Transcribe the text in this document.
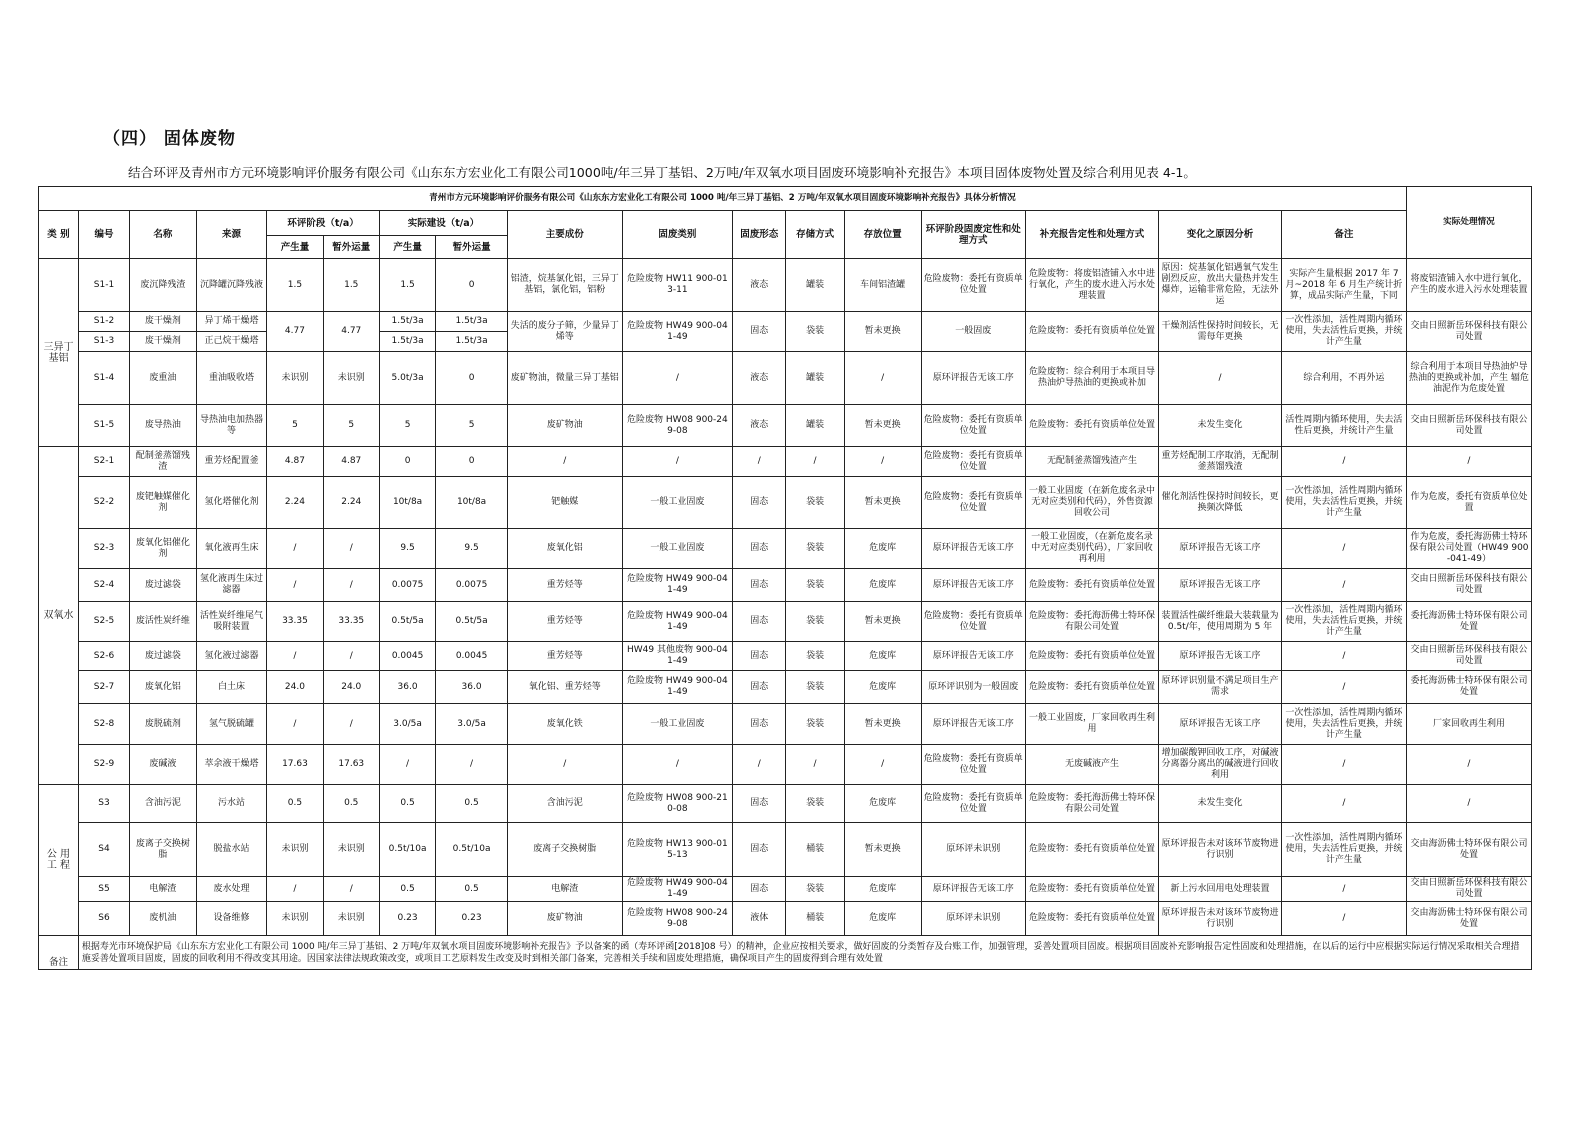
（四） 固体废物
结合环评及青州市方元环境影响评价服务有限公司《山东东方宏业化工有限公司1000吨/年三异丁基铝、2万吨/年双氧水项目固废环境影响补充报告》本项目固体废物处置及综合利用见表 4-1。
青州市方元环境影响评价服务有限公司《山东东方宏业化工有限公司 1000 吨/年三异丁基铝、2 万吨/年双氧水项目固废环境影响补充报告》具体分析情况																	实际处理情况
类 别	编号	名称	来源	环评阶段（t/a）		实际建设（t/a）		主要成份	固废类别	固废形态	存储方式	存放位置	环评阶段固废定性和处理方式	补充报告定性和处理方式	变化之原因分析	备注	
				产生量	暂外运量	产生量	暂外运量										
三异丁基铝	S1-1	废沉降残渣	沉降罐沉降残液	1.5	1.5	1.5	0	铝渣，烷基氯化铝，三异丁基铝，氯化铝，铝粉	危险废物 HW11 900-013-11	液态	罐装	车间铝渣罐	危险废物：委托有资质单位处置	危险废物：将废铝渣铺入水中进行氧化，产生的废水进入污水处理装置	原因：烷基氯化铝遇氧气发生剧烈反应，放出大量热并发生爆炸，运输非常危险，无法外运	实际产生量根据 2017 年 7 月~2018 年 6 月生产统计折算，成品实际产生量，下同	将废铝渣铺入水中进行氧化，产生的废水进入污水处理装置
	S1-2	废干燥剂	异丁烯干燥塔	4.77	4.77	1.5t/3a	1.5t/3a	失活的废分子筛，少量异丁烯等	危险废物 HW49 900-041-49	固态	袋装	暂未更换	一般固废	危险废物：委托有资质单位处置	干燥剂活性保持时间较长，无需每年更换	一次性添加，活性周期内循环使用，失去活性后更换，并统计产生量	交由日照新岳环保科技有限公司处置
	S1-3	废干燥剂	正己烷干燥塔			1.5t/3a	1.5t/3a										
	S1-4	废重油	重油吸收塔	未识别	未识别	5.0t/3a	0	废矿物油，微量三异丁基铝	/	液态	罐装	/	原环评报告无该工序	危险废物：综合利用于本项目导热油炉导热油的更换或补加	/	综合利用，不再外运	综合利用于本项目导热油炉导热油的更换或补加，产生 辐危油泥作为危废处置
	S1-5	废导热油	导热油电加热器等	5	5	5	5	废矿物油	危险废物 HW08 900-249-08	液态	罐装	暂未更换	危险废物：委托有资质单位处置	危险废物：委托有资质单位处置	未发生变化	活性周期内循环使用，失去活性后更换，并统计产生量	交由日照新岳环保科技有限公司处置
双氧水	S2-1	配制釜蒸馏残渣	重芳烃配置釜	4.87	4.87	0	0	/	/	/	/	/	危险废物：委托有资质单位处置	无配制釜蒸馏残渣产生	重芳烃配制工序取消，无配制釜蒸馏残渣	/	/
	S2-2	废钯触媒催化剂	氢化塔催化剂	2.24	2.24	10t/8a	10t/8a	钯触媒	一般工业固废	固态	袋装	暂未更换	危险废物：委托有资质单位处置	一般工业固废（在新危废名录中无对应类别和代码），外售资源回收公司	催化剂活性保持时间较长，更换频次降低	一次性添加，活性周期内循环使用，失去活性后更换，并统计产生量	作为危废，委托有资质单位处置
	S2-3	废氧化铝催化剂	氧化液再生床	/	/	9.5	9.5	废氧化铝	一般工业固废	固态	袋装	危废库	原环评报告无该工序	一般工业固废，（在新危废名录中无对应类别代码），厂家回收再利用	原环评报告无该工序	/	作为危废，委托海沥佛士特环保有限公司处置（HW49 900-041-49）
	S2-4	废过滤袋	氢化液再生床过滤器	/	/	0.0075	0.0075	重芳烃等	危险废物 HW49 900-041-49	固态	袋装	危废库	原环评报告无该工序	危险废物：委托有资质单位处置	原环评报告无该工序	/	交由日照新岳环保科技有限公司处置
	S2-5	废活性炭纤维	活性炭纤维尾气吸附装置	33.35	33.35	0.5t/5a	0.5t/5a	重芳烃等	危险废物 HW49 900-041-49	固态	袋装	暂未更换	危险废物：委托有资质单位处置	危险废物：委托海沥佛士特环保有限公司处置	装置活性碳纤维最大装载量为 0.5t/年，使用周期为 5 年	一次性添加，活性周期内循环使用，失去活性后更换，并统计产生量	委托海沥佛士特环保有限公司处置
	S2-6	废过滤袋	氢化液过滤器	/	/	0.0045	0.0045	重芳烃等	HW49 其他废物 900-041-49	固态	袋装	危废库	原环评报告无该工序	危险废物：委托有资质单位处置	原环评报告无该工序	/	交由日照新岳环保科技有限公司处置
	S2-7	废氧化铝	白土床	24.0	24.0	36.0	36.0	氧化铝、重芳烃等	危险废物 HW49 900-041-49	固态	袋装	危废库	原环评识别为一般固废	危险废物：委托有资质单位处置	原环评识别量不满足项目生产需求	/	委托海沥佛士特环保有限公司处置
	S2-8	废脱硫剂	氢气脱硫罐	/	/	3.0/5a	3.0/5a	废氧化铁	一般工业固废	固态	袋装	暂未更换	原环评报告无该工序	一般工业固废，厂家回收再生利用	原环评报告无该工序	一次性添加，活性周期内循环使用，失去活性后更换，并统计产生量	厂家回收再生利用
	S2-9	废碱液	萃余液干燥塔	17.63	17.63	/	/	/	/	/	/	/	危险废物：委托有资质单位处置	无废碱液产生	增加碳酸钾回收工序，对碱液分离器分离出的碱液进行回收利用	/	/
公 用 工 程	S3	含油污泥	污水站	0.5	0.5	0.5	0.5	含油污泥	危险废物 HW08 900-210-08	固态	袋装	危废库	危险废物：委托有资质单位处置	危险废物：委托海沥佛士特环保有限公司处置	未发生变化	/	/
	S4	废离子交换树脂	脱盐水站	未识别	未识别	0.5t/10a	0.5t/10a	废离子交换树脂	危险废物 HW13 900-015-13	固态	桶装	暂未更换	原环评未识别	危险废物：委托有资质单位处置	原环评报告未对该环节废物进行识别	一次性添加，活性周期内循环使用，失去活性后更换，并统计产生量	交由海沥佛士特环保有限公司处置
	S5	电解渣	废水处理	/	/	0.5	0.5	电解渣	危险废物 HW49 900-041-49	固态	袋装	危废库	原环评报告无该工序	危险废物：委托有资质单位处置	新上污水回用电处理装置	/	交由日照新岳环保科技有限公司处置
	S6	废机油	设备维修	未识别	未识别	0.23	0.23	废矿物油	危险废物 HW08 900-249-08	液体	桶装	危废库	原环评未识别	危险废物：委托有资质单位处置	原环评报告未对该环节废物进行识别	/	交由海沥佛士特环保有限公司处置
备注	根据寿光市环境保护局《山东东方宏业化工有限公司 1000 吨/年三异丁基铝、2 万吨/年双氧水项目固废环境影响补充报告》予以备案的函（寿环评函[2018]08 号）的精神，企业应按相关要求，做好固废的分类暂存及台账工作，加强管理，妥善处置项目固废。根据项目固废补充影响报告定性固废和处理措施，在以后的运行中应根据实际运行情况采取相关合理措施妥善处置项目固废，固废的回收利用不得改变其用途。因国家法律法规政策改变，或项目工艺原料发生改变及时到相关部门备案，完善相关手续和固废处理措施，确保项目产生的固废得到合理有效处置																
